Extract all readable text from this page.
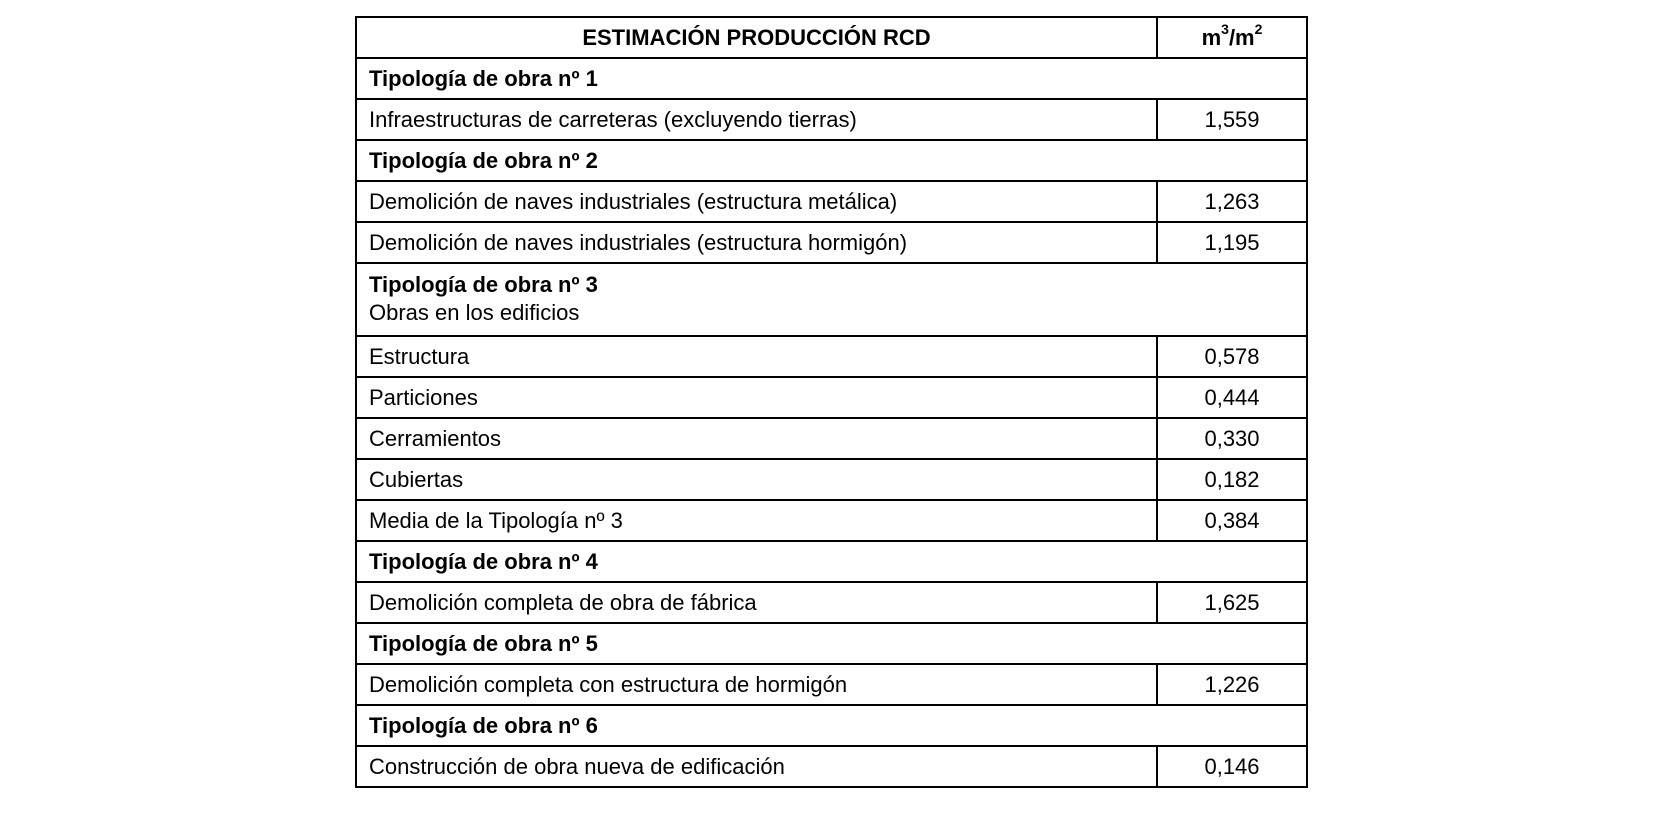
ESTIMACIÓN PRODUCCIÓN RCD	$m^3/m^2$
Tipología de obra nº 1	
Infraestructuras de carreteras (excluyendo tierras)	1,559
Tipología de obra nº 2	
Demolición de naves industriales (estructura metálica)	1,263
Demolición de naves industriales (estructura hormigón)	1,195

Tipología de obra nº 3
Obras en los edificios	

Estructura	0,578
Particiones	0,444
Cerramientos	0,330
Cubiertas	0,182
Media de la Tipología nº 3	0,384
Tipología de obra nº 4	
Demolición completa de obra de fábrica	1,625
Tipología de obra nº 5	
Demolición completa con estructura de hormigón	1,226
Tipología de obra nº 6	
Construcción de obra nueva de edificación	0,146
